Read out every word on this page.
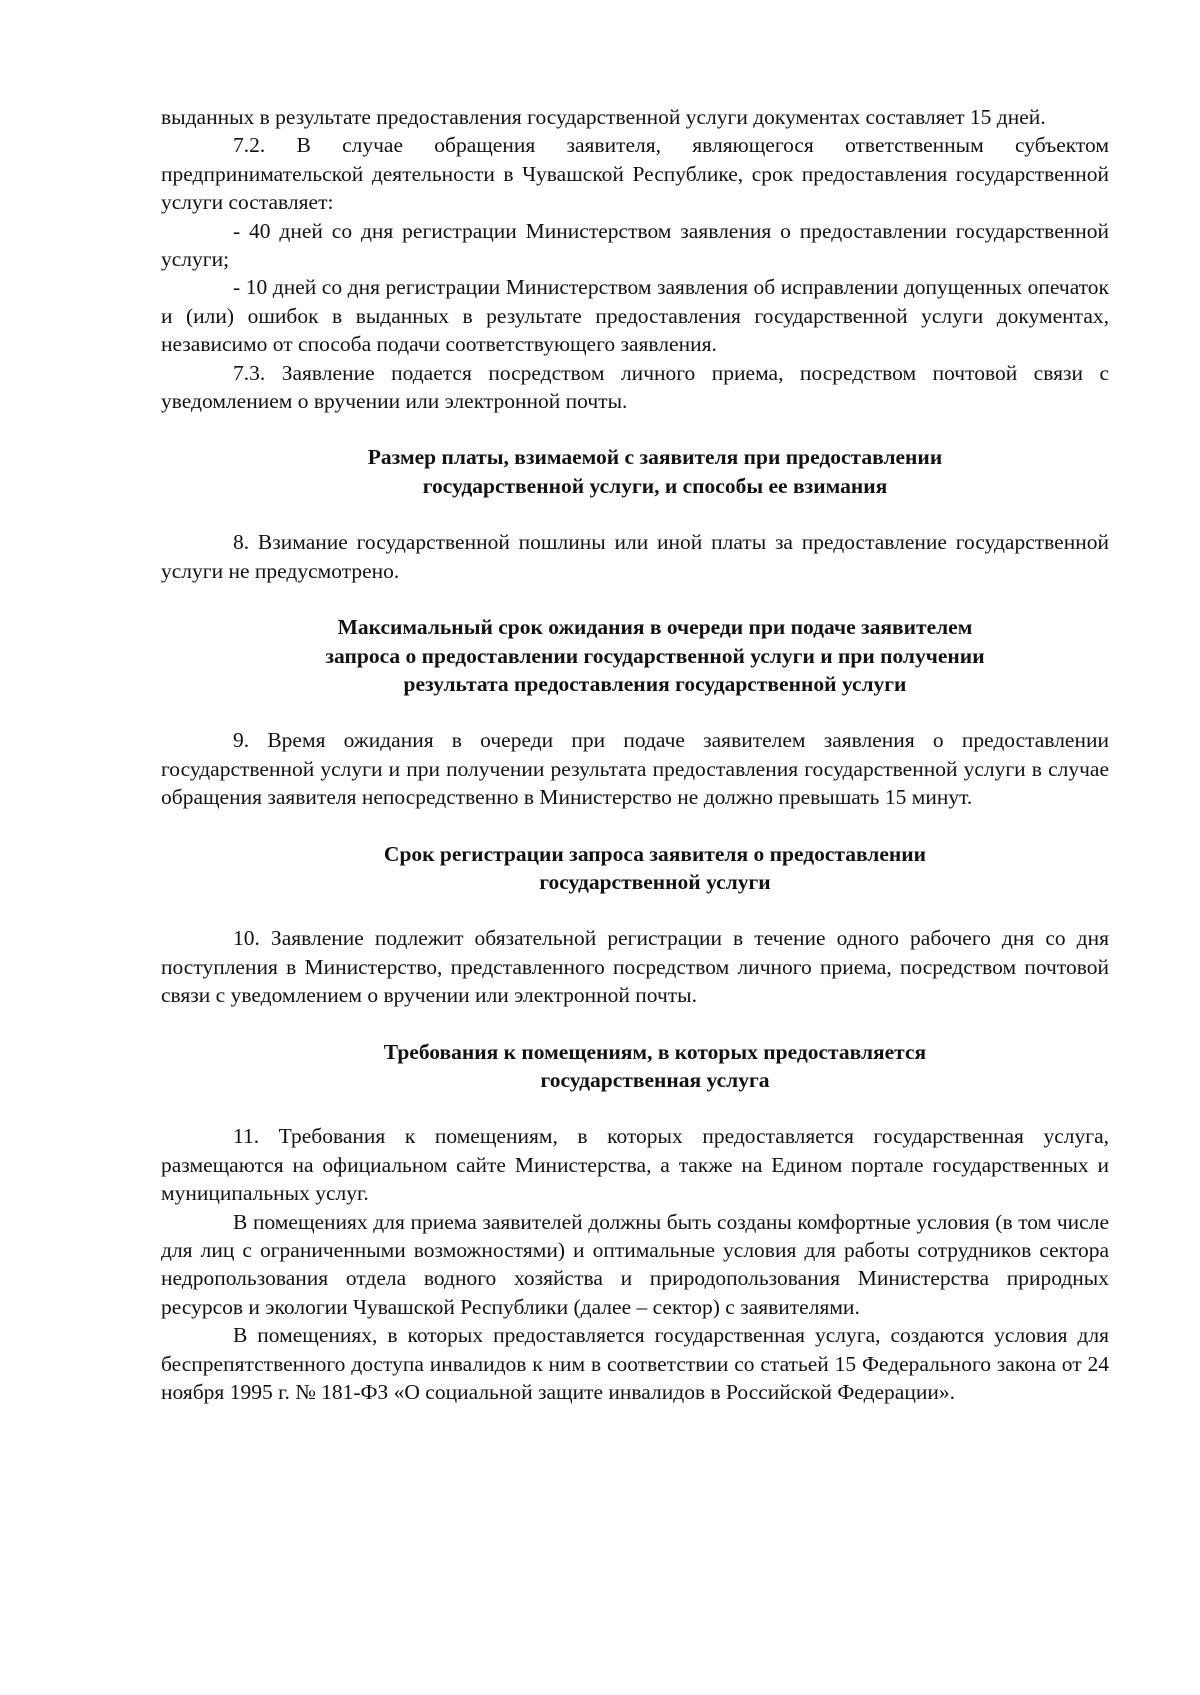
выданных в результате предоставления государственной услуги документах составляет 15 дней.

7.2. В случае обращения заявителя, являющегося ответственным субъектом предпринимательской деятельности в Чувашской Республике, срок предоставления государственной услуги составляет:

- 40 дней со дня регистрации Министерством заявления о предоставлении государственной услуги;

- 10 дней со дня регистрации Министерством заявления об исправлении допущенных опечаток и (или) ошибок в выданных в результате предоставления государственной услуги документах, независимо от способа подачи соответствующего заявления.

7.3. Заявление подается посредством личного приема, посредством почтовой связи с уведомлением о вручении или электронной почты.

Размер платы, взимаемой с заявителя при предоставлении
государственной услуги, и способы ее взимания

8. Взимание государственной пошлины или иной платы за предоставление государственной услуги не предусмотрено.

Максимальный срок ожидания в очереди при подаче заявителем
запроса о предоставлении государственной услуги и при получении
результата предоставления государственной услуги

9. Время ожидания в очереди при подаче заявителем заявления о предоставлении государственной услуги и при получении результата предоставления государственной услуги в случае обращения заявителя непосредственно в Министерство не должно превышать 15 минут.

Срок регистрации запроса заявителя о предоставлении
государственной услуги

10. Заявление подлежит обязательной регистрации в течение одного рабочего дня со дня поступления в Министерство, представленного посредством личного приема, посредством почтовой связи с уведомлением о вручении или электронной почты.

Требования к помещениям, в которых предоставляется
государственная услуга

11. Требования к помещениям, в которых предоставляется государственная услуга, размещаются на официальном сайте Министерства, а также на Едином портале государственных и муниципальных услуг.

В помещениях для приема заявителей должны быть созданы комфортные условия (в том числе для лиц с ограниченными возможностями) и оптимальные условия для работы сотрудников сектора недропользования отдела водного хозяйства и природопользования Министерства природных ресурсов и экологии Чувашской Республики (далее – сектор) с заявителями.

В помещениях, в которых предоставляется государственная услуга, создаются условия для беспрепятственного доступа инвалидов к ним в соответствии со статьей 15 Федерального закона от 24 ноября 1995 г. № 181-ФЗ «О социальной защите инвалидов в Российской Федерации».
